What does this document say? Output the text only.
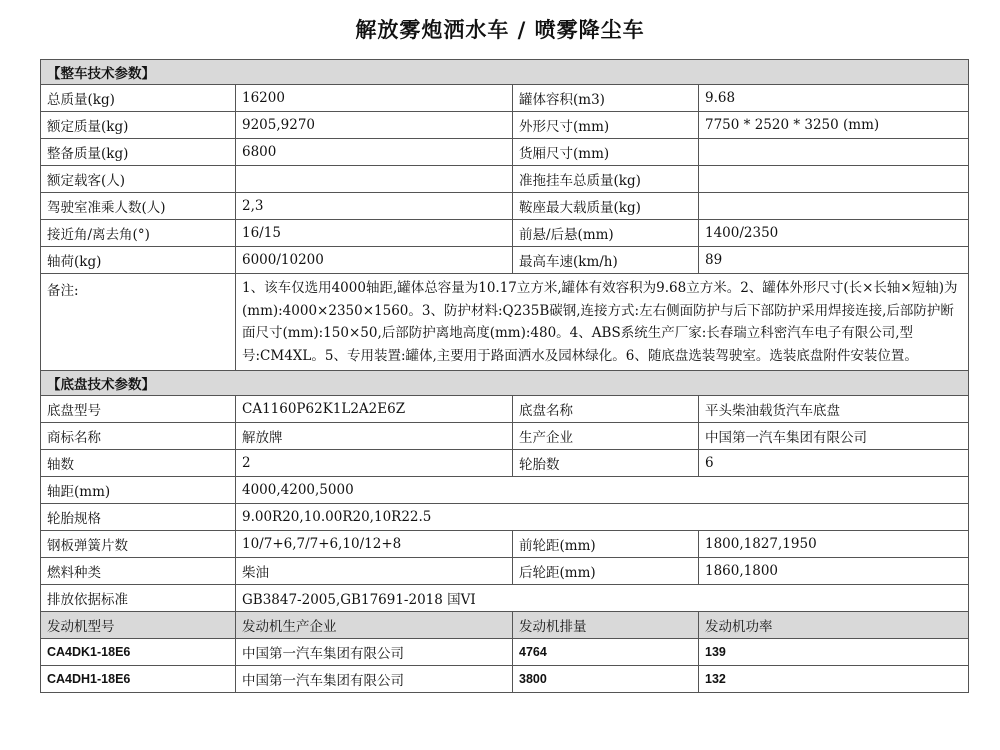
解放雾炮洒水车 / 喷雾降尘车
【整车技术参数】			
总质量(kg)	16200	罐体容积(m3)	9.68
额定质量(kg)	9205,9270	外形尺寸(mm)	7750 * 2520 * 3250 (mm)
整备质量(kg)	6800	货厢尺寸(mm)	
额定载客(人)		准拖挂车总质量(kg)	
驾驶室准乘人数(人)	2,3	鞍座最大载质量(kg)	
接近角/离去角(°)	16/15	前悬/后悬(mm)	1400/2350
轴荷(kg)	6000/10200	最高车速(km/h)	89
备注:	1、该车仅选用4000轴距,罐体总容量为10.17立方米,罐体有效容积为9.68立方米。2、罐体外形尺寸(长×长轴×短轴)为(mm):4000×2350×1560。3、防护材料:Q235B碳钢,连接方式:左右侧面防护与后下部防护采用焊接连接,后部防护断面尺寸(mm):150×50,后部防护离地高度(mm):480。4、ABS系统生产厂家:长春瑞立科密汽车电子有限公司,型号:CM4XL。5、专用装置:罐体,主要用于路面洒水及园林绿化。6、随底盘选装驾驶室。选装底盘附件安装位置。		
【底盘技术参数】			
底盘型号	CA1160P62K1L2A2E6Z	底盘名称	平头柴油载货汽车底盘
商标名称	解放牌	生产企业	中国第一汽车集团有限公司
轴数	2	轮胎数	6
轴距(mm)	4000,4200,5000		
轮胎规格	9.00R20,10.00R20,10R22.5		
钢板弹簧片数	10/7+6,7/7+6,10/12+8	前轮距(mm)	1800,1827,1950
燃料种类	柴油	后轮距(mm)	1860,1800
排放依据标准	GB3847-2005,GB17691-2018 国VI		
发动机型号	发动机生产企业	发动机排量	发动机功率
CA4DK1-18E6	中国第一汽车集团有限公司	4764	139
CA4DH1-18E6	中国第一汽车集团有限公司	3800	132
